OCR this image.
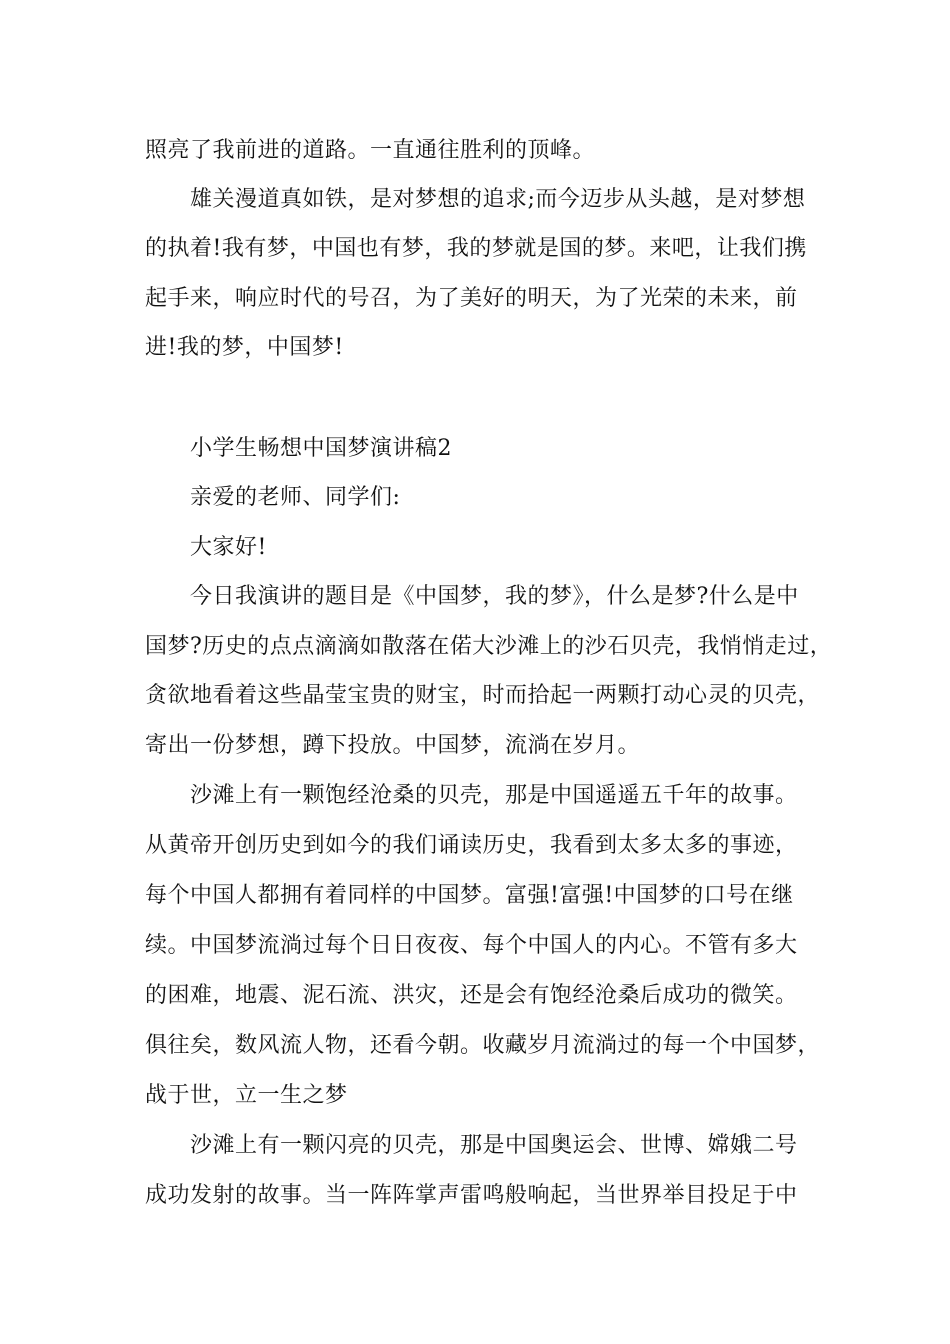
照亮了我前进的道路。一直通往胜利的顶峰。
雄关漫道真如铁，是对梦想的追求;而今迈步从头越，是对梦想
的执着!我有梦，中国也有梦，我的梦就是国的梦。来吧，让我们携
起手来，响应时代的号召，为了美好的明天，为了光荣的未来，前
进!我的梦，中国梦!
小学生畅想中国梦演讲稿2
亲爱的老师、同学们:
大家好!
今日我演讲的题目是《中国梦，我的梦》，什么是梦?什么是中
国梦?历史的点点滴滴如散落在偌大沙滩上的沙石贝壳，我悄悄走过，
贪欲地看着这些晶莹宝贵的财宝，时而拾起一两颗打动心灵的贝壳，
寄出一份梦想，蹲下投放。中国梦，流淌在岁月。
沙滩上有一颗饱经沧桑的贝壳，那是中国遥遥五千年的故事。
从黄帝开创历史到如今的我们诵读历史，我看到太多太多的事迹，
每个中国人都拥有着同样的中国梦。富强!富强!中国梦的口号在继
续。中国梦流淌过每个日日夜夜、每个中国人的内心。不管有多大
的困难，地震、泥石流、洪灾，还是会有饱经沧桑后成功的微笑。
俱往矣，数风流人物，还看今朝。收藏岁月流淌过的每一个中国梦，
战于世，立一生之梦
沙滩上有一颗闪亮的贝壳，那是中国奥运会、世博、嫦娥二号
成功发射的故事。当一阵阵掌声雷鸣般响起，当世界举目投足于中
